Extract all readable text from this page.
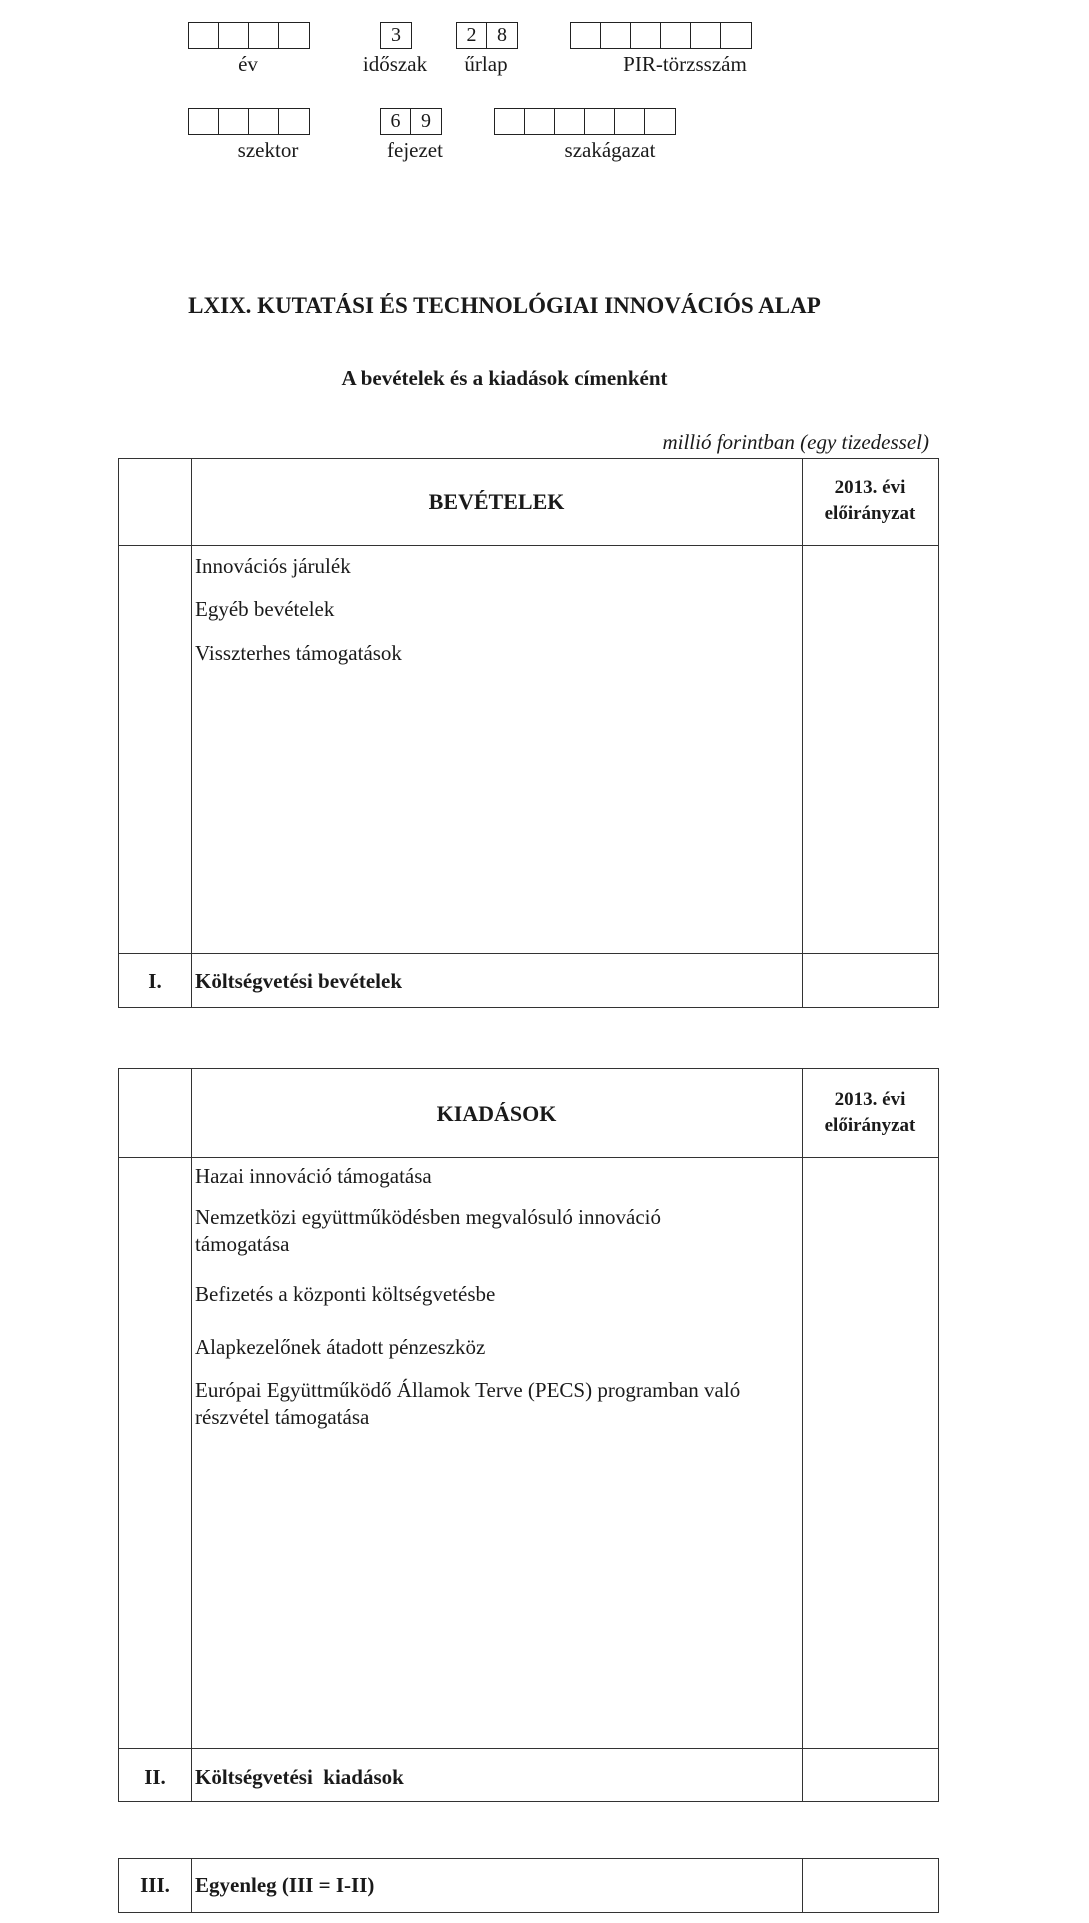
év
3
időszak
2	8
űrlap	PIR-törzsszám
szektor
6	9
fejezet	szakágazat
LXIX. KUTATÁSI ÉS TECHNOLÓGIAI INNOVÁCIÓS ALAP
A bevételek és a kiadások címenként
millió forintban (egy tizedessel)
BEVÉTELEK
2013. évi
előirányzat
Innovációs járulék
Egyéb bevételek
Visszterhes támogatások
I.	Költségvetési bevételek
KIADÁSOK
2013. évi
előirányzat
Hazai innováció támogatása
Nemzetközi együttműködésben megvalósuló innováció támogatása
Befizetés a központi költségvetésbe
Alapkezelőnek átadott pénzeszköz
Európai Együttműködő Államok Terve (PECS) programban való részvétel támogatása
II.	Költségvetési  kiadások
III.	Egyenleg (III = I-II)
